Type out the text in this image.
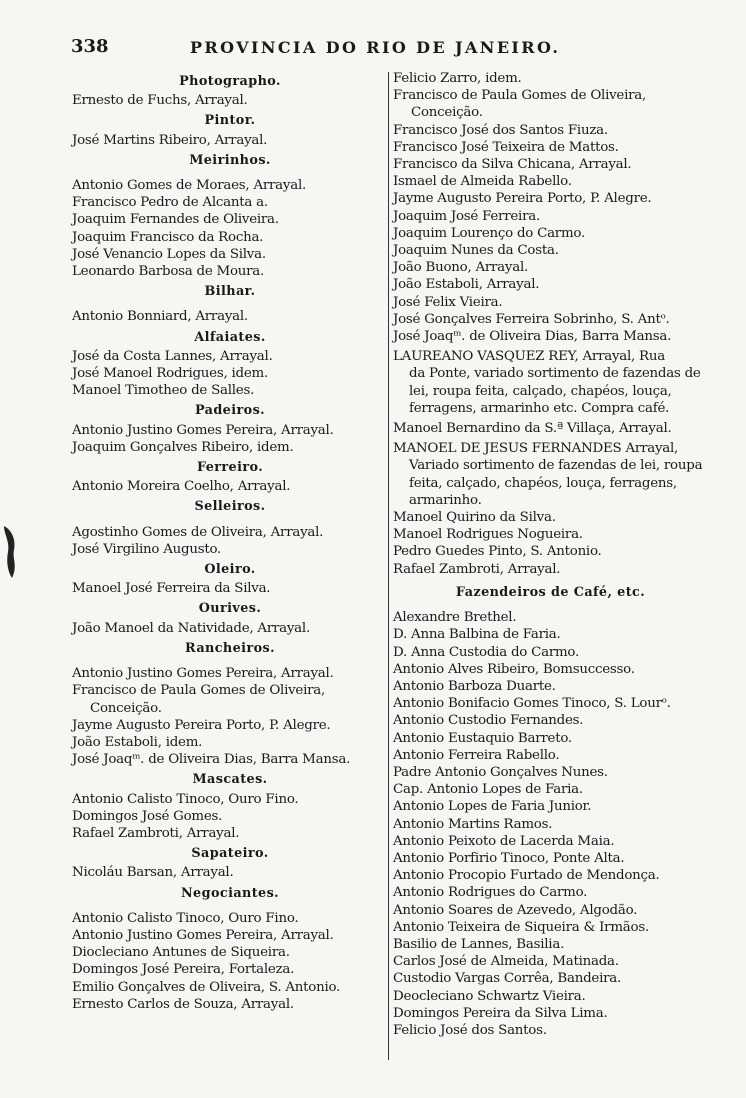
338	PROVINCIA DO RIO DE JANEIRO.
Photographo.
Ernesto de Fuchs, Arrayal.
Pintor.
José Martins Ribeiro, Arrayal.
Meirinhos.
Antonio Gomes de Moraes, Arrayal.
Francisco Pedro de Alcanta a.
Joaquim Fernandes de Oliveira.
Joaquim Francisco da Rocha.
José Venancio Lopes da Silva.
Leonardo Barbosa de Moura.
Bilhar.
Antonio Bonniard, Arrayal.
Alfaiates.
José da Costa Lannes, Arrayal.
José Manoel Rodrigues, idem.
Manoel Timotheo de Salles.
Padeiros.
Antonio Justino Gomes Pereira, Arrayal.
Joaquim Gonçalves Ribeiro, idem.
Ferreiro.
Antonio Moreira Coelho, Arrayal.
Selleiros.
Agostinho Gomes de Oliveira, Arrayal.
José Virgilino Augusto.
Oleiro.
Manoel José Ferreira da Silva.
Ourives.
João Manoel da Natividade, Arrayal.
Rancheiros.
Antonio Justino Gomes Pereira, Arrayal.
Francisco de Paula Gomes de Oliveira,
Conceição.
Jayme Augusto Pereira Porto, P. Alegre.
João Estaboli, idem.
José Joaqᵐ. de Oliveira Dias, Barra Mansa.
Mascates.
Antonio Calisto Tinoco, Ouro Fino.
Domingos José Gomes.
Rafael Zambroti, Arrayal.
Sapateiro.
Nicoláu Barsan, Arrayal.
Negociantes.
Antonio Calisto Tinoco, Ouro Fino.
Antonio Justino Gomes Pereira, Arrayal.
Diocleciano Antunes de Siqueira.
Domingos José Pereira, Fortaleza.
Emilio Gonçalves de Oliveira, S. Antonio.
Ernesto Carlos de Souza, Arrayal.
Felicio Zarro, idem.
Francisco de Paula Gomes de Oliveira,
Conceição.
Francisco José dos Santos Fiuza.
Francisco José Teixeira de Mattos.
Francisco da Silva Chicana, Arrayal.
Ismael de Almeida Rabello.
Jayme Augusto Pereira Porto, P. Alegre.
Joaquim José Ferreira.
Joaquim Lourenço do Carmo.
Joaquim Nunes da Costa.
João Buono, Arrayal.
João Estaboli, Arrayal.
José Felix Vieira.
José Gonçalves Ferreira Sobrinho, S. Antᵒ.
José Joaqᵐ. de Oliveira Dias, Barra Mansa.
LAUREANO VASQUEZ REY, Arrayal, Rua
da Ponte, variado sortimento de fazendas de lei, roupa feita, calçado, chapéos, louça, ferragens, armarinho etc. Compra café.
Manoel Bernardino da S.ª Villaça, Arrayal.
MANOEL DE JESUS FERNANDES Arrayal,
Variado sortimento de fazendas de lei, roupa feita, calçado, chapéos, louça, ferragens, armarinho.
Manoel Quirino da Silva.
Manoel Rodrigues Nogueira.
Pedro Guedes Pinto, S. Antonio.
Rafael Zambroti, Arrayal.
Fazendeiros de Café, etc.
Alexandre Brethel.
D. Anna Balbina de Faria.
D. Anna Custodia do Carmo.
Antonio Alves Ribeiro, Bomsuccesso.
Antonio Barboza Duarte.
Antonio Bonifacio Gomes Tinoco, S. Lourᵒ.
Antonio Custodio Fernandes.
Antonio Eustaquio Barreto.
Antonio Ferreira Rabello.
Padre Antonio Gonçalves Nunes.
Cap. Antonio Lopes de Faria.
Antonio Lopes de Faria Junior.
Antonio Martins Ramos.
Antonio Peixoto de Lacerda Maia.
Antonio Porfirio Tinoco, Ponte Alta.
Antonio Procopio Furtado de Mendonça.
Antonio Rodrigues do Carmo.
Antonio Soares de Azevedo, Algodão.
Antonio Teixeira de Siqueira & Irmãos.
Basilio de Lannes, Basilia.
Carlos José de Almeida, Matinada.
Custodio Vargas Corrêa, Bandeira.
Deocleciano Schwartz Vieira.
Domingos Pereira da Silva Lima.
Felicio José dos Santos.
